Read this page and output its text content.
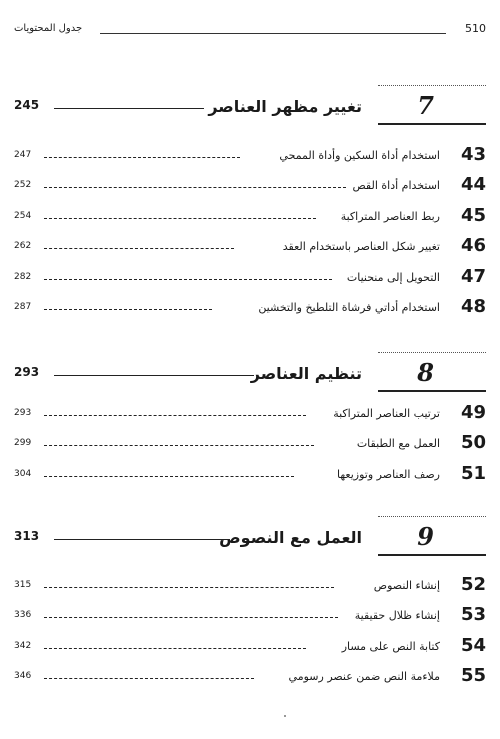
510
جدول المحتويات
7
تغيير مظهر العناصر
245
43
استخدام أداة السكين وأداة الممحي
247
44
استخدام أداة القص
252
45
ربط العناصر المتراكبة
254
46
تغيير شكل العناصر باستخدام العقد
262
47
التحويل إلى منحنيات
282
48
استخدام أداتي فرشاة التلطيخ والتخشين
287
8
تنظيم العناصر
293
49
ترتيب العناصر المتراكبة
293
50
العمل مع الطبقات
299
51
رصف العناصر وتوزيعها
304
9
العمل مع النصوص
313
52
إنشاء النصوص
315
53
إنشاء ظلال حقيقية
336
54
كتابة النص على مسار
342
55
ملاءمة النص ضمن عنصر رسومي
346
